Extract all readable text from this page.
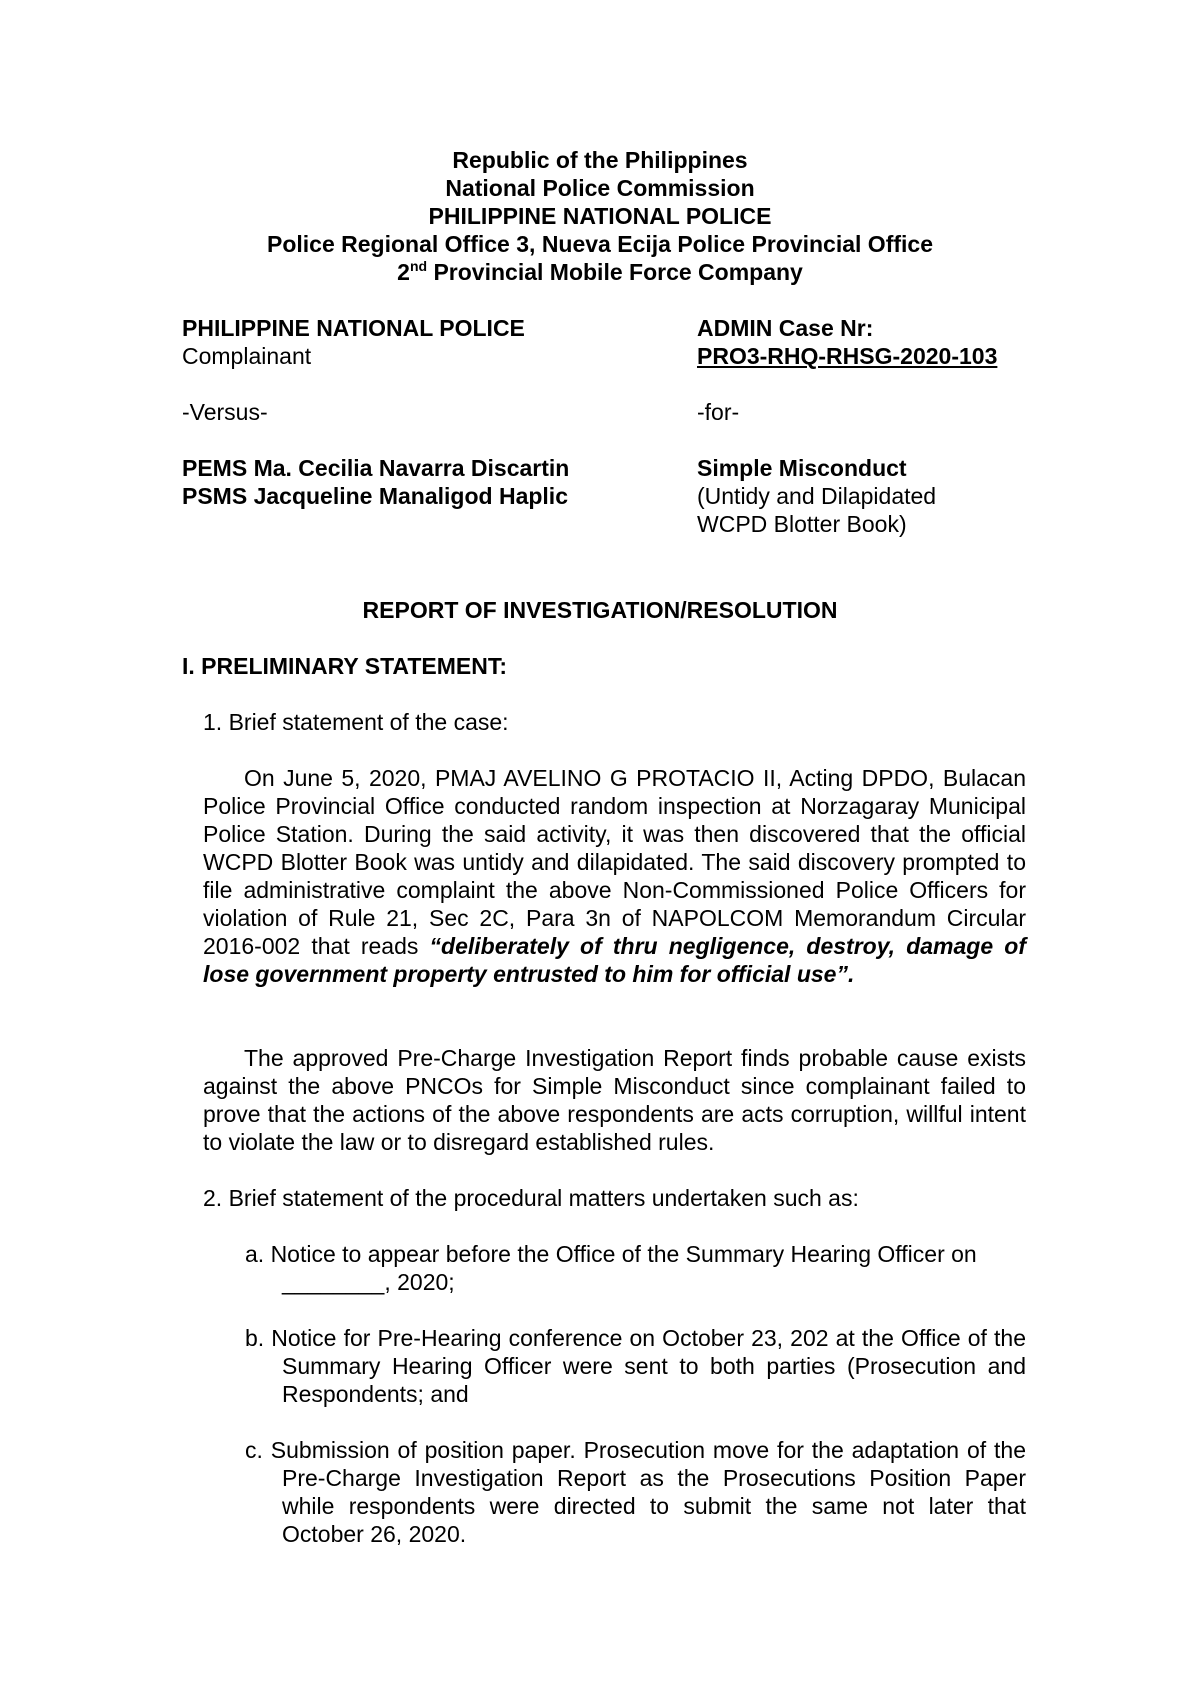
Republic of the Philippines
National Police Commission
PHILIPPINE NATIONAL POLICE
Police Regional Office 3, Nueva Ecija Police Provincial Office
2nd Provincial Mobile Force Company
PHILIPPINE NATIONAL POLICE
Complainant
-Versus-
PEMS Ma. Cecilia Navarra Discartin
PSMS Jacqueline Manaligod Haplic
ADMIN Case Nr:
PRO3-RHQ-RHSG-2020-103
-for-
Simple Misconduct
(Untidy and Dilapidated
WCPD Blotter Book)
REPORT OF INVESTIGATION/RESOLUTION
I. PRELIMINARY STATEMENT:
1. Brief statement of the case:
On June 5, 2020, PMAJ AVELINO G PROTACIO II, Acting DPDO, Bulacan Police Provincial Office conducted random inspection at Norzagaray Municipal Police Station. During the said activity, it was then discovered that the official WCPD Blotter Book was untidy and dilapidated. The said discovery prompted to file administrative complaint the above Non-Commissioned Police Officers for violation of Rule 21, Sec 2C, Para 3n of NAPOLCOM Memorandum Circular 2016-002 that reads “deliberately of thru negligence, destroy, damage of lose government property entrusted to him for official use”.
The approved Pre-Charge Investigation Report finds probable cause exists against the above PNCOs for Simple Misconduct since complainant failed to prove that the actions of the above respondents are acts corruption, willful intent to violate the law or to disregard established rules.
2. Brief statement of the procedural matters undertaken such as:
a. Notice to appear before the Office of the Summary Hearing Officer on ________, 2020;
b. Notice for Pre-Hearing conference on October 23, 202 at the Office of the Summary Hearing Officer were sent to both parties (Prosecution and Respondents; and
c. Submission of position paper. Prosecution move for the adaptation of the Pre-Charge Investigation Report as the Prosecutions Position Paper while respondents were directed to submit the same not later that October 26, 2020.
